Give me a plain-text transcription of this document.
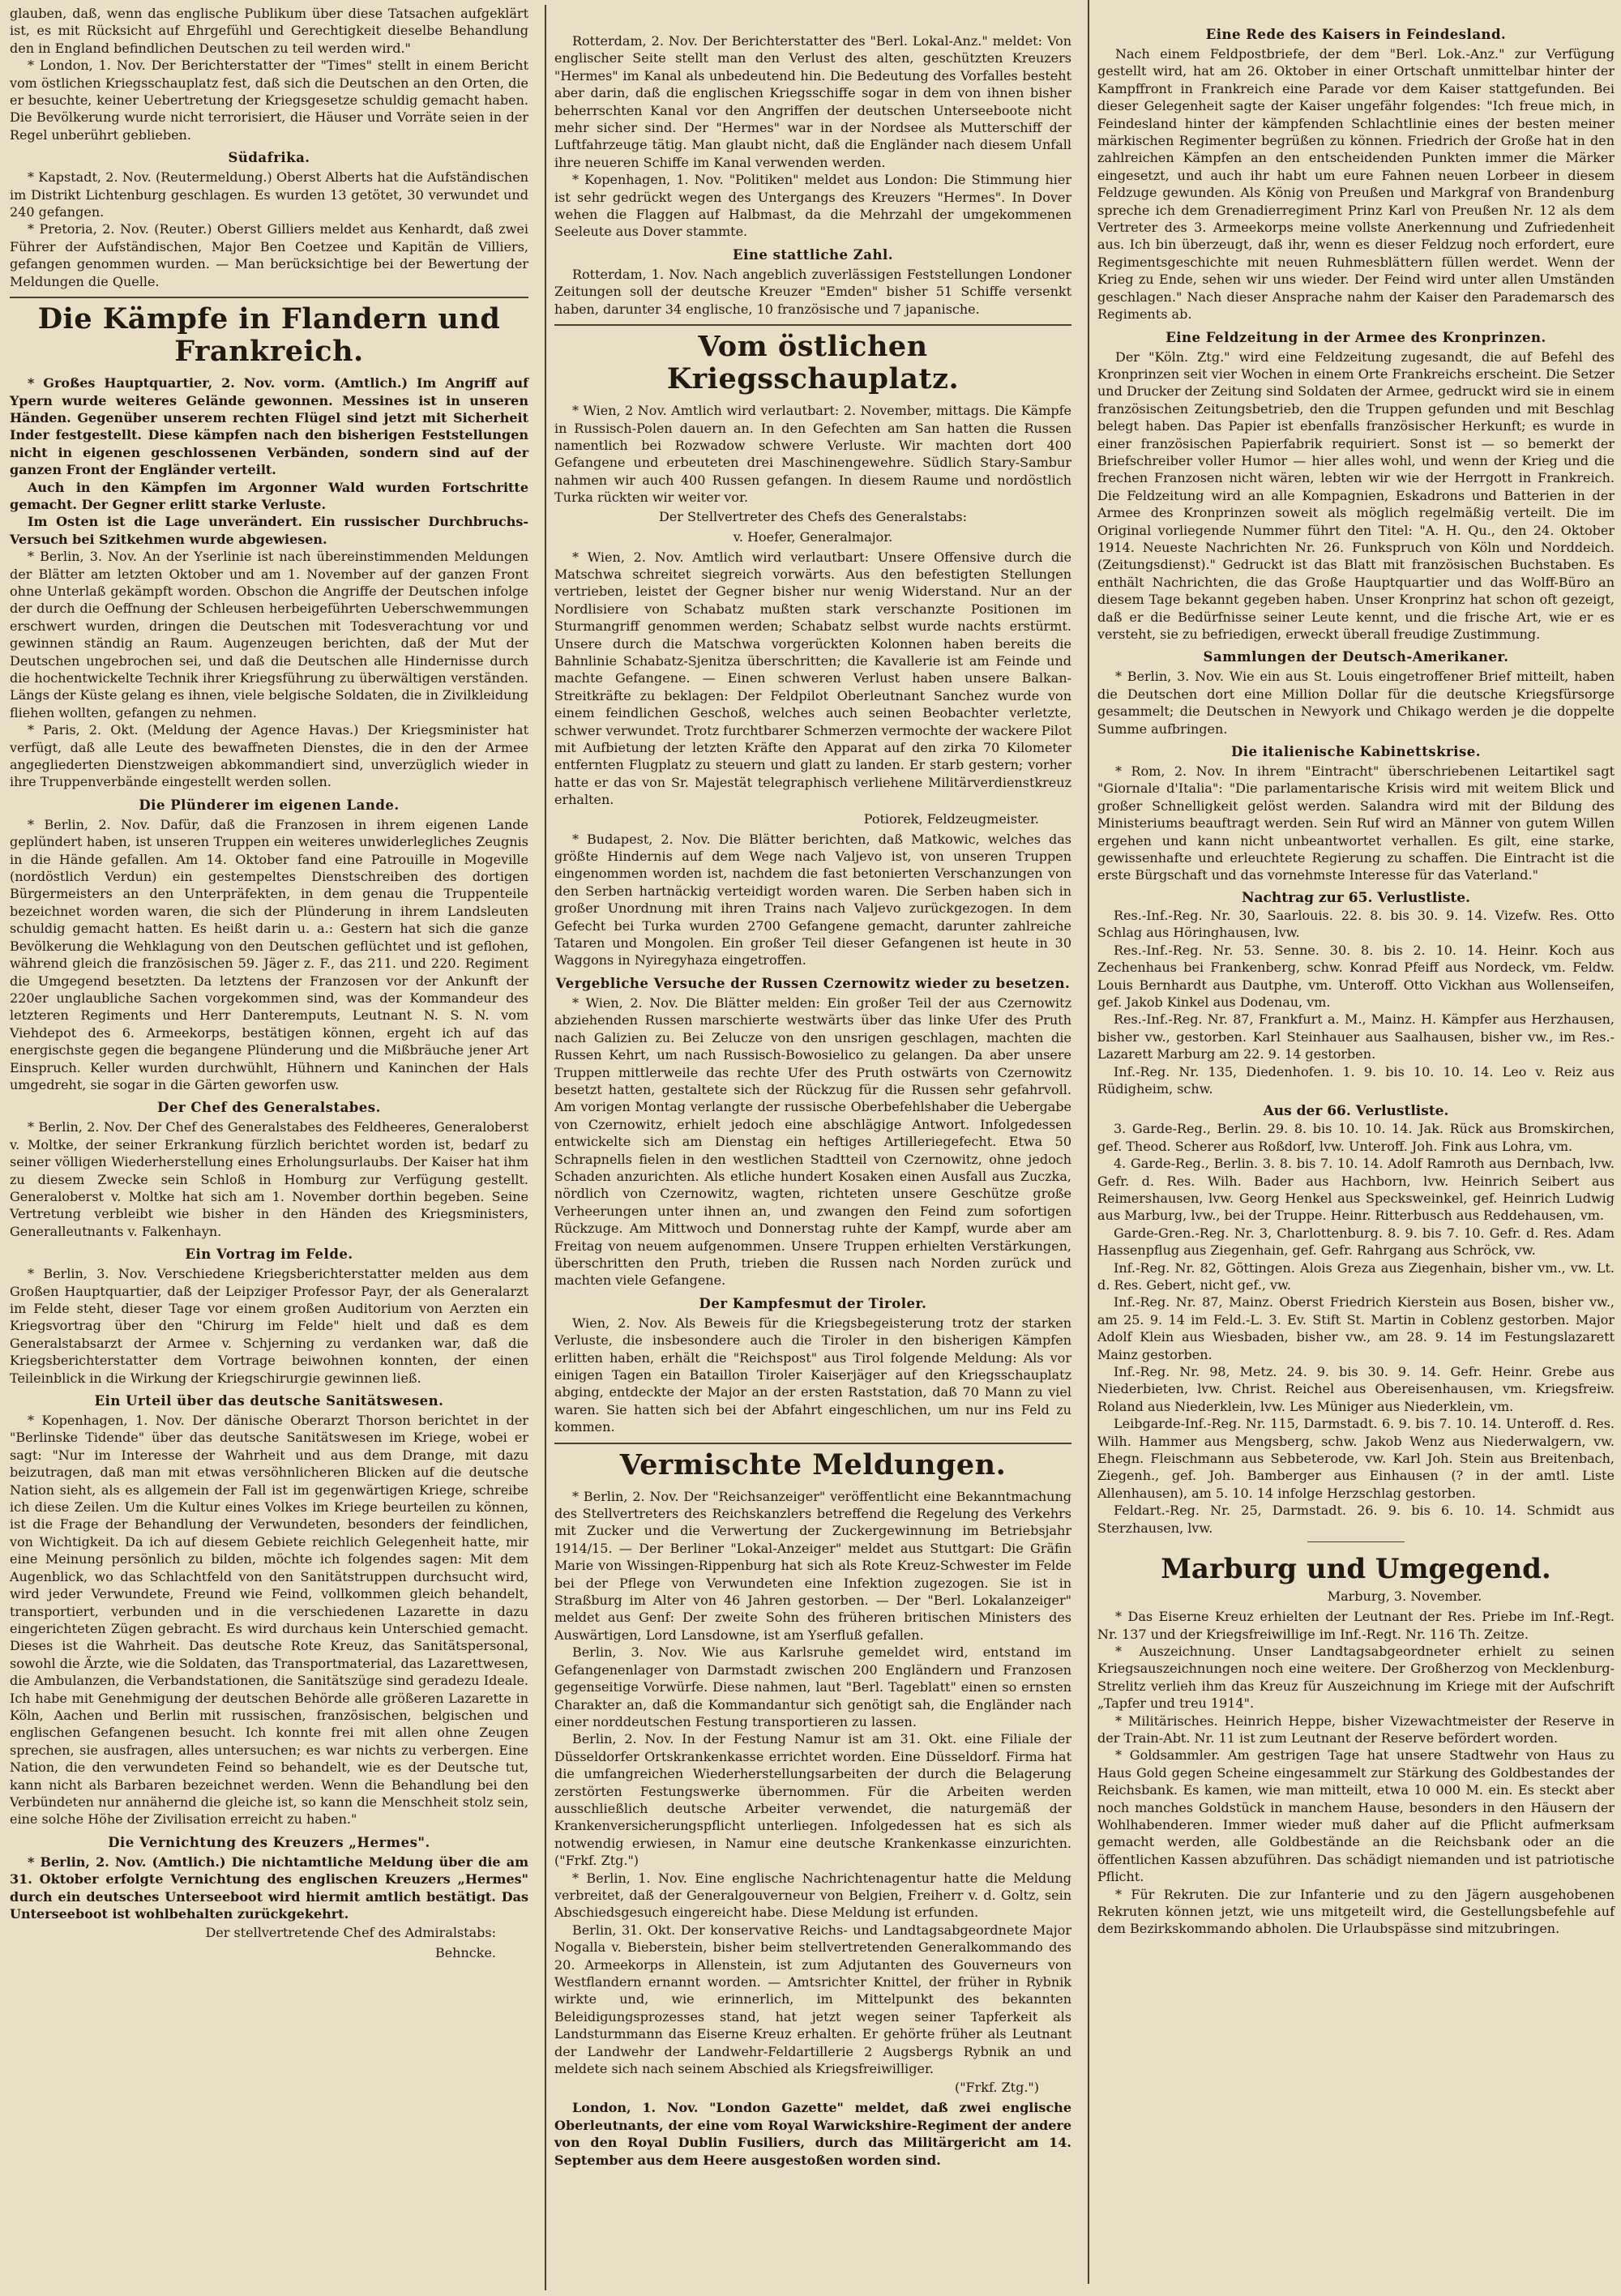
glauben, daß, wenn das englische Publikum über diese Tatsachen aufgeklärt ist, es mit Rücksicht auf Ehrgefühl und Gerechtigkeit dieselbe Behandlung den in England befindlichen Deutschen zu teil werden wird."

* London, 1. Nov. Der Berichterstatter der "Times" stellt in einem Bericht vom östlichen Kriegsschauplatz fest, daß sich die Deutschen an den Orten, die er besuchte, keiner Uebertretung der Kriegsgesetze schuldig gemacht haben. Die Bevölkerung wurde nicht terrorisiert, die Häuser und Vorräte seien in der Regel unberührt geblieben.

Südafrika.

* Kapstadt, 2. Nov. (Reutermeldung.) Oberst Alberts hat die Aufständischen im Distrikt Lichtenburg geschlagen. Es wurden 13 getötet, 30 verwundet und 240 gefangen.

* Pretoria, 2. Nov. (Reuter.) Oberst Gilliers meldet aus Kenhardt, daß zwei Führer der Aufständischen, Major Ben Coetzee und Kapitän de Villiers, gefangen genommen wurden. — Man berücksichtige bei der Bewertung der Meldungen die Quelle.

Die Kämpfe in Flandern und Frankreich.

* Großes Hauptquartier, 2. Nov. vorm. (Amtlich.) Im Angriff auf Ypern wurde weiteres Gelände gewonnen. Messines ist in unseren Händen. Gegenüber unserem rechten Flügel sind jetzt mit Sicherheit Inder festgestellt. Diese kämpfen nach den bisherigen Feststellungen nicht in eigenen geschlossenen Verbänden, sondern sind auf der ganzen Front der Engländer verteilt.

Auch in den Kämpfen im Argonner Wald wurden Fortschritte gemacht. Der Gegner erlitt starke Verluste.

Im Osten ist die Lage unverändert. Ein russischer Durchbruchs-Versuch bei Szitkehmen wurde abgewiesen.

* Berlin, 3. Nov. An der Yserlinie ist nach übereinstimmenden Meldungen der Blätter am letzten Oktober und am 1. November auf der ganzen Front ohne Unterlaß gekämpft worden. Obschon die Angriffe der Deutschen infolge der durch die Oeffnung der Schleusen herbeigeführten Ueberschwemmungen erschwert wurden, dringen die Deutschen mit Todesverachtung vor und gewinnen ständig an Raum. Augenzeugen berichten, daß der Mut der Deutschen ungebrochen sei, und daß die Deutschen alle Hindernisse durch die hochentwickelte Technik ihrer Kriegsführung zu überwältigen verständen. Längs der Küste gelang es ihnen, viele belgische Soldaten, die in Zivilkleidung fliehen wollten, gefangen zu nehmen.

* Paris, 2. Okt. (Meldung der Agence Havas.) Der Kriegsminister hat verfügt, daß alle Leute des bewaffneten Dienstes, die in den der Armee angegliederten Dienstzweigen abkommandiert sind, unverzüglich wieder in ihre Truppenverbände eingestellt werden sollen.

Die Plünderer im eigenen Lande.

* Berlin, 2. Nov. Dafür, daß die Franzosen in ihrem eigenen Lande geplündert haben, ist unseren Truppen ein weiteres unwiderlegliches Zeugnis in die Hände gefallen. Am 14. Oktober fand eine Patrouille in Mogeville (nordöstlich Verdun) ein gestempeltes Dienstschreiben des dortigen Bürgermeisters an den Unterpräfekten, in dem genau die Truppenteile bezeichnet worden waren, die sich der Plünderung in ihrem Landsleuten schuldig gemacht hatten. Es heißt darin u. a.: Gestern hat sich die ganze Bevölkerung die Wehklagung von den Deutschen geflüchtet und ist geflohen, während gleich die französischen 59. Jäger z. F., das 211. und 220. Regiment die Umgegend besetzten. Da letztens der Franzosen vor der Ankunft der 220er unglaubliche Sachen vorgekommen sind, was der Kommandeur des letzteren Regiments und Herr Danteremputs, Leutnant N. S. N. vom Viehdepot des 6. Armeekorps, bestätigen können, ergeht ich auf das energischste gegen die begangene Plünderung und die Mißbräuche jener Art Einspruch. Keller wurden durchwühlt, Hühnern und Kaninchen der Hals umgedreht, sie sogar in die Gärten geworfen usw.

Der Chef des Generalstabes.

* Berlin, 2. Nov. Der Chef des Generalstabes des Feldheeres, Generaloberst v. Moltke, der seiner Erkrankung fürzlich berichtet worden ist, bedarf zu seiner völligen Wiederherstellung eines Erholungsurlaubs. Der Kaiser hat ihm zu diesem Zwecke sein Schloß in Homburg zur Verfügung gestellt. Generaloberst v. Moltke hat sich am 1. November dorthin begeben. Seine Vertretung verbleibt wie bisher in den Händen des Kriegsministers, Generalleutnants v. Falkenhayn.

Ein Vortrag im Felde.

* Berlin, 3. Nov. Verschiedene Kriegsberichterstatter melden aus dem Großen Hauptquartier, daß der Leipziger Professor Payr, der als Generalarzt im Felde steht, dieser Tage vor einem großen Auditorium von Aerzten ein Kriegsvortrag über den "Chirurg im Felde" hielt und daß es dem Generalstabsarzt der Armee v. Schjerning zu verdanken war, daß die Kriegsberichterstatter dem Vortrage beiwohnen konnten, der einen Teileinblick in die Wirkung der Kriegschirurgie gewinnen ließ.

Ein Urteil über das deutsche Sanitätswesen.

* Kopenhagen, 1. Nov. Der dänische Oberarzt Thorson berichtet in der "Berlinske Tidende" über das deutsche Sanitätswesen im Kriege, wobei er sagt: "Nur im Interesse der Wahrheit und aus dem Drange, mit dazu beizutragen, daß man mit etwas versöhnlicheren Blicken auf die deutsche Nation sieht, als es allgemein der Fall ist im gegenwärtigen Kriege, schreibe ich diese Zeilen. Um die Kultur eines Volkes im Kriege beurteilen zu können, ist die Frage der Behandlung der Verwundeten, besonders der feindlichen, von Wichtigkeit. Da ich auf diesem Gebiete reichlich Gelegenheit hatte, mir eine Meinung persönlich zu bilden, möchte ich folgendes sagen: Mit dem Augenblick, wo das Schlachtfeld von den Sanitätstruppen durchsucht wird, wird jeder Verwundete, Freund wie Feind, vollkommen gleich behandelt, transportiert, verbunden und in die verschiedenen Lazarette in dazu eingerichteten Zügen gebracht. Es wird durchaus kein Unterschied gemacht. Dieses ist die Wahrheit. Das deutsche Rote Kreuz, das Sanitätspersonal, sowohl die Ärzte, wie die Soldaten, das Transportmaterial, das Lazarettwesen, die Ambulanzen, die Verbandstationen, die Sanitätszüge sind geradezu Ideale. Ich habe mit Genehmigung der deutschen Behörde alle größeren Lazarette in Köln, Aachen und Berlin mit russischen, französischen, belgischen und englischen Gefangenen besucht. Ich konnte frei mit allen ohne Zeugen sprechen, sie ausfragen, alles untersuchen; es war nichts zu verbergen. Eine Nation, die den verwundeten Feind so behandelt, wie es der Deutsche tut, kann nicht als Barbaren bezeichnet werden. Wenn die Behandlung bei den Verbündeten nur annähernd die gleiche ist, so kann die Menschheit stolz sein, eine solche Höhe der Zivilisation erreicht zu haben."

Die Vernichtung des Kreuzers „Hermes".

* Berlin, 2. Nov. (Amtlich.) Die nichtamtliche Meldung über die am 31. Oktober erfolgte Vernichtung des englischen Kreuzers „Hermes" durch ein deutsches Unterseeboot wird hiermit amtlich bestätigt. Das Unterseeboot ist wohlbehalten zurückgekehrt.

Der stellvertretende Chef des Admiralstabs:

Behncke.

Rotterdam, 2. Nov. Der Berichterstatter des "Berl. Lokal-Anz." meldet: Von englischer Seite stellt man den Verlust des alten, geschützten Kreuzers "Hermes" im Kanal als unbedeutend hin. Die Bedeutung des Vorfalles besteht aber darin, daß die englischen Kriegsschiffe sogar in dem von ihnen bisher beherrschten Kanal vor den Angriffen der deutschen Unterseeboote nicht mehr sicher sind. Der "Hermes" war in der Nordsee als Mutterschiff der Luftfahrzeuge tätig. Man glaubt nicht, daß die Engländer nach diesem Unfall ihre neueren Schiffe im Kanal verwenden werden.

* Kopenhagen, 1. Nov. "Politiken" meldet aus London: Die Stimmung hier ist sehr gedrückt wegen des Untergangs des Kreuzers "Hermes". In Dover wehen die Flaggen auf Halbmast, da die Mehrzahl der umgekommenen Seeleute aus Dover stammte.

Eine stattliche Zahl.

Rotterdam, 1. Nov. Nach angeblich zuverlässigen Feststellungen Londoner Zeitungen soll der deutsche Kreuzer "Emden" bisher 51 Schiffe versenkt haben, darunter 34 englische, 10 französische und 7 japanische.

Vom östlichen Kriegsschauplatz.

* Wien, 2 Nov. Amtlich wird verlautbart: 2. November, mittags. Die Kämpfe in Russisch-Polen dauern an. In den Gefechten am San hatten die Russen namentlich bei Rozwadow schwere Verluste. Wir machten dort 400 Gefangene und erbeuteten drei Maschinengewehre. Südlich Stary-Sambur nahmen wir auch 400 Russen gefangen. In diesem Raume und nordöstlich Turka rückten wir weiter vor.

Der Stellvertreter des Chefs des Generalstabs:

v. Hoefer, Generalmajor.

* Wien, 2. Nov. Amtlich wird verlautbart: Unsere Offensive durch die Matschwa schreitet siegreich vorwärts. Aus den befestigten Stellungen vertrieben, leistet der Gegner bisher nur wenig Widerstand. Nur an der Nordlisiere von Schabatz mußten stark verschanzte Positionen im Sturmangriff genommen werden; Schabatz selbst wurde nachts erstürmt. Unsere durch die Matschwa vorgerückten Kolonnen haben bereits die Bahnlinie Schabatz-Sjenitza überschritten; die Kavallerie ist am Feinde und machte Gefangene. — Einen schweren Verlust haben unsere Balkan-Streitkräfte zu beklagen: Der Feldpilot Oberleutnant Sanchez wurde von einem feindlichen Geschoß, welches auch seinen Beobachter verletzte, schwer verwundet. Trotz furchtbarer Schmerzen vermochte der wackere Pilot mit Aufbietung der letzten Kräfte den Apparat auf den zirka 70 Kilometer entfernten Flugplatz zu steuern und glatt zu landen. Er starb gestern; vorher hatte er das von Sr. Majestät telegraphisch verliehene Militärverdienstkreuz erhalten.

Potiorek, Feldzeugmeister.

* Budapest, 2. Nov. Die Blätter berichten, daß Matkowic, welches das größte Hindernis auf dem Wege nach Valjevo ist, von unseren Truppen eingenommen worden ist, nachdem die fast betonierten Verschanzungen von den Serben hartnäckig verteidigt worden waren. Die Serben haben sich in großer Unordnung mit ihren Trains nach Valjevo zurückgezogen. In dem Gefecht bei Turka wurden 2700 Gefangene gemacht, darunter zahlreiche Tataren und Mongolen. Ein großer Teil dieser Gefangenen ist heute in 30 Waggons in Nyiregyhaza eingetroffen.

Vergebliche Versuche der Russen Czernowitz wieder zu besetzen.

* Wien, 2. Nov. Die Blätter melden: Ein großer Teil der aus Czernowitz abziehenden Russen marschierte westwärts über das linke Ufer des Pruth nach Galizien zu. Bei Zelucze von den unsrigen geschlagen, machten die Russen Kehrt, um nach Russisch-Bowosielico zu gelangen. Da aber unsere Truppen mittlerweile das rechte Ufer des Pruth ostwärts von Czernowitz besetzt hatten, gestaltete sich der Rückzug für die Russen sehr gefahrvoll. Am vorigen Montag verlangte der russische Oberbefehlshaber die Uebergabe von Czernowitz, erhielt jedoch eine abschlägige Antwort. Infolgedessen entwickelte sich am Dienstag ein heftiges Artilleriegefecht. Etwa 50 Schrapnells fielen in den westlichen Stadtteil von Czernowitz, ohne jedoch Schaden anzurichten. Als etliche hundert Kosaken einen Ausfall aus Zuczka, nördlich von Czernowitz, wagten, richteten unsere Geschütze große Verheerungen unter ihnen an, und zwangen den Feind zum sofortigen Rückzuge. Am Mittwoch und Donnerstag ruhte der Kampf, wurde aber am Freitag von neuem aufgenommen. Unsere Truppen erhielten Verstärkungen, überschritten den Pruth, trieben die Russen nach Norden zurück und machten viele Gefangene.

Der Kampfesmut der Tiroler.

Wien, 2. Nov. Als Beweis für die Kriegsbegeisterung trotz der starken Verluste, die insbesondere auch die Tiroler in den bisherigen Kämpfen erlitten haben, erhält die "Reichspost" aus Tirol folgende Meldung: Als vor einigen Tagen ein Bataillon Tiroler Kaiserjäger auf den Kriegsschauplatz abging, entdeckte der Major an der ersten Raststation, daß 70 Mann zu viel waren. Sie hatten sich bei der Abfahrt eingeschlichen, um nur ins Feld zu kommen.

Vermischte Meldungen.

* Berlin, 2. Nov. Der "Reichsanzeiger" veröffentlicht eine Bekanntmachung des Stellvertreters des Reichskanzlers betreffend die Regelung des Verkehrs mit Zucker und die Verwertung der Zuckergewinnung im Betriebsjahr 1914/15. — Der Berliner "Lokal-Anzeiger" meldet aus Stuttgart: Die Gräfin Marie von Wissingen-Rippenburg hat sich als Rote Kreuz-Schwester im Felde bei der Pflege von Verwundeten eine Infektion zugezogen. Sie ist in Straßburg im Alter von 46 Jahren gestorben. — Der "Berl. Lokalanzeiger" meldet aus Genf: Der zweite Sohn des früheren britischen Ministers des Auswärtigen, Lord Lansdowne, ist am Yserfluß gefallen.

Berlin, 3. Nov. Wie aus Karlsruhe gemeldet wird, entstand im Gefangenenlager von Darmstadt zwischen 200 Engländern und Franzosen gegenseitige Vorwürfe. Diese nahmen, laut "Berl. Tageblatt" einen so ernsten Charakter an, daß die Kommandantur sich genötigt sah, die Engländer nach einer norddeutschen Festung transportieren zu lassen.

Berlin, 2. Nov. In der Festung Namur ist am 31. Okt. eine Filiale der Düsseldorfer Ortskrankenkasse errichtet worden. Eine Düsseldorf. Firma hat die umfangreichen Wiederherstellungsarbeiten der durch die Belagerung zerstörten Festungswerke übernommen. Für die Arbeiten werden ausschließlich deutsche Arbeiter verwendet, die naturgemäß der Krankenversicherungspflicht unterliegen. Infolgedessen hat es sich als notwendig erwiesen, in Namur eine deutsche Krankenkasse einzurichten. ("Frkf. Ztg.")

* Berlin, 1. Nov. Eine englische Nachrichtenagentur hatte die Meldung verbreitet, daß der Generalgouverneur von Belgien, Freiherr v. d. Goltz, sein Abschiedsgesuch eingereicht habe. Diese Meldung ist erfunden.

Berlin, 31. Okt. Der konservative Reichs- und Landtagsabgeordnete Major Nogalla v. Bieberstein, bisher beim stellvertretenden Generalkommando des 20. Armeekorps in Allenstein, ist zum Adjutanten des Gouverneurs von Westflandern ernannt worden. — Amtsrichter Knittel, der früher in Rybnik wirkte und, wie erinnerlich, im Mittelpunkt des bekannten Beleidigungsprozesses stand, hat jetzt wegen seiner Tapferkeit als Landsturmmann das Eiserne Kreuz erhalten. Er gehörte früher als Leutnant der Landwehr der Landwehr-Feldartillerie 2 Augsbergs Rybnik an und meldete sich nach seinem Abschied als Kriegsfreiwilliger.

("Frkf. Ztg.")

London, 1. Nov. "London Gazette" meldet, daß zwei englische Oberleutnants, der eine vom Royal Warwickshire-Regiment der andere von den Royal Dublin Fusiliers, durch das Militärgericht am 14. September aus dem Heere ausgestoßen worden sind.

Eine Rede des Kaisers in Feindesland.

Nach einem Feldpostbriefe, der dem "Berl. Lok.-Anz." zur Verfügung gestellt wird, hat am 26. Oktober in einer Ortschaft unmittelbar hinter der Kampffront in Frankreich eine Parade vor dem Kaiser stattgefunden. Bei dieser Gelegenheit sagte der Kaiser ungefähr folgendes: "Ich freue mich, in Feindesland hinter der kämpfenden Schlachtlinie eines der besten meiner märkischen Regimenter begrüßen zu können. Friedrich der Große hat in den zahlreichen Kämpfen an den entscheidenden Punkten immer die Märker eingesetzt, und auch ihr habt um eure Fahnen neuen Lorbeer in diesem Feldzuge gewunden. Als König von Preußen und Markgraf von Brandenburg spreche ich dem Grenadierregiment Prinz Karl von Preußen Nr. 12 als dem Vertreter des 3. Armeekorps meine vollste Anerkennung und Zufriedenheit aus. Ich bin überzeugt, daß ihr, wenn es dieser Feldzug noch erfordert, eure Regimentsgeschichte mit neuen Ruhmesblättern füllen werdet. Wenn der Krieg zu Ende, sehen wir uns wieder. Der Feind wird unter allen Umständen geschlagen." Nach dieser Ansprache nahm der Kaiser den Parademarsch des Regiments ab.

Eine Feldzeitung in der Armee des Kronprinzen.

Der "Köln. Ztg." wird eine Feldzeitung zugesandt, die auf Befehl des Kronprinzen seit vier Wochen in einem Orte Frankreichs erscheint. Die Setzer und Drucker der Zeitung sind Soldaten der Armee, gedruckt wird sie in einem französischen Zeitungsbetrieb, den die Truppen gefunden und mit Beschlag belegt haben. Das Papier ist ebenfalls französischer Herkunft; es wurde in einer französischen Papierfabrik requiriert. Sonst ist — so bemerkt der Briefschreiber voller Humor — hier alles wohl, und wenn der Krieg und die frechen Franzosen nicht wären, lebten wir wie der Herrgott in Frankreich. Die Feldzeitung wird an alle Kompagnien, Eskadrons und Batterien in der Armee des Kronprinzen soweit als möglich regelmäßig verteilt. Die im Original vorliegende Nummer führt den Titel: "A. H. Qu., den 24. Oktober 1914. Neueste Nachrichten Nr. 26. Funkspruch von Köln und Norddeich. (Zeitungsdienst)." Gedruckt ist das Blatt mit französischen Buchstaben. Es enthält Nachrichten, die das Große Hauptquartier und das Wolff-Büro an diesem Tage bekannt gegeben haben. Unser Kronprinz hat schon oft gezeigt, daß er die Bedürfnisse seiner Leute kennt, und die frische Art, wie er es versteht, sie zu befriedigen, erweckt überall freudige Zustimmung.

Sammlungen der Deutsch-Amerikaner.

* Berlin, 3. Nov. Wie ein aus St. Louis eingetroffener Brief mitteilt, haben die Deutschen dort eine Million Dollar für die deutsche Kriegsfürsorge gesammelt; die Deutschen in Newyork und Chikago werden je die doppelte Summe aufbringen.

Die italienische Kabinettskrise.

* Rom, 2. Nov. In ihrem "Eintracht" überschriebenen Leitartikel sagt "Giornale d'Italia": "Die parlamentarische Krisis wird mit weitem Blick und großer Schnelligkeit gelöst werden. Salandra wird mit der Bildung des Ministeriums beauftragt werden. Sein Ruf wird an Männer von gutem Willen ergehen und kann nicht unbeantwortet verhallen. Es gilt, eine starke, gewissenhafte und erleuchtete Regierung zu schaffen. Die Eintracht ist die erste Bürgschaft und das vornehmste Interesse für das Vaterland."

Nachtrag zur 65. Verlustliste.

Res.-Inf.-Reg. Nr. 30, Saarlouis. 22. 8. bis 30. 9. 14. Vizefw. Res. Otto Schlag aus Höringhausen, lvw.

Res.-Inf.-Reg. Nr. 53. Senne. 30. 8. bis 2. 10. 14. Heinr. Koch aus Zechenhaus bei Frankenberg, schw. Konrad Pfeiff aus Nordeck, vm. Feldw. Louis Bernhardt aus Dautphe, vm. Unteroff. Otto Vickhan aus Wollenseifen, gef. Jakob Kinkel aus Dodenau, vm.

Res.-Inf.-Reg. Nr. 87, Frankfurt a. M., Mainz. H. Kämpfer aus Herzhausen, bisher vw., gestorben. Karl Steinhauer aus Saalhausen, bisher vw., im Res.-Lazarett Marburg am 22. 9. 14 gestorben.

Inf.-Reg. Nr. 135, Diedenhofen. 1. 9. bis 10. 10. 14. Leo v. Reiz aus Rüdigheim, schw.

Aus der 66. Verlustliste.

3. Garde-Reg., Berlin. 29. 8. bis 10. 10. 14. Jak. Rück aus Bromskirchen, gef. Theod. Scherer aus Roßdorf, lvw. Unteroff. Joh. Fink aus Lohra, vm.

4. Garde-Reg., Berlin. 3. 8. bis 7. 10. 14. Adolf Ramroth aus Dernbach, lvw. Gefr. d. Res. Wilh. Bader aus Hachborn, lvw. Heinrich Seibert aus Reimershausen, lvw. Georg Henkel aus Specksweinkel, gef. Heinrich Ludwig aus Marburg, lvw., bei der Truppe. Heinr. Ritterbusch aus Reddehausen, vm.

Garde-Gren.-Reg. Nr. 3, Charlottenburg. 8. 9. bis 7. 10. Gefr. d. Res. Adam Hassenpflug aus Ziegenhain, gef. Gefr. Rahrgang aus Schröck, vw.

Inf.-Reg. Nr. 82, Göttingen. Alois Greza aus Ziegenhain, bisher vm., vw. Lt. d. Res. Gebert, nicht gef., vw.

Inf.-Reg. Nr. 87, Mainz. Oberst Friedrich Kierstein aus Bosen, bisher vw., am 25. 9. 14 im Feld.-L. 3. Ev. Stift St. Martin in Coblenz gestorben. Major Adolf Klein aus Wiesbaden, bisher vw., am 28. 9. 14 im Festungslazarett Mainz gestorben.

Inf.-Reg. Nr. 98, Metz. 24. 9. bis 30. 9. 14. Gefr. Heinr. Grebe aus Niederbieten, lvw. Christ. Reichel aus Obereisenhausen, vm. Kriegsfreiw. Roland aus Niederklein, lvw. Les Müniger aus Niederklein, vm.

Leibgarde-Inf.-Reg. Nr. 115, Darmstadt. 6. 9. bis 7. 10. 14. Unteroff. d. Res. Wilh. Hammer aus Mengsberg, schw. Jakob Wenz aus Niederwalgern, vw. Ehegn. Fleischmann aus Sebbeterode, vw. Karl Joh. Stein aus Breitenbach, Ziegenh., gef. Joh. Bamberger aus Einhausen (? in der amtl. Liste Allenhausen), am 5. 10. 14 infolge Herzschlag gestorben.

Feldart.-Reg. Nr. 25, Darmstadt. 26. 9. bis 6. 10. 14. Schmidt aus Sterzhausen, lvw.

Marburg und Umgegend.

Marburg, 3. November.

* Das Eiserne Kreuz erhielten der Leutnant der Res. Priebe im Inf.-Regt. Nr. 137 und der Kriegsfreiwillige im Inf.-Regt. Nr. 116 Th. Zeitze.

* Auszeichnung. Unser Landtagsabgeordneter erhielt zu seinen Kriegsauszeichnungen noch eine weitere. Der Großherzog von Mecklenburg-Strelitz verlieh ihm das Kreuz für Auszeichnung im Kriege mit der Aufschrift „Tapfer und treu 1914".

* Militärisches. Heinrich Heppe, bisher Vizewachtmeister der Reserve in der Train-Abt. Nr. 11 ist zum Leutnant der Reserve befördert worden.

* Goldsammler. Am gestrigen Tage hat unsere Stadtwehr von Haus zu Haus Gold gegen Scheine eingesammelt zur Stärkung des Goldbestandes der Reichsbank. Es kamen, wie man mitteilt, etwa 10 000 M. ein. Es steckt aber noch manches Goldstück in manchem Hause, besonders in den Häusern der Wohlhabenderen. Immer wieder muß daher auf die Pflicht aufmerksam gemacht werden, alle Goldbestände an die Reichsbank oder an die öffentlichen Kassen abzuführen. Das schädigt niemanden und ist patriotische Pflicht.

* Für Rekruten. Die zur Infanterie und zu den Jägern ausgehobenen Rekruten können jetzt, wie uns mitgeteilt wird, die Gestellungsbefehle auf dem Bezirkskommando abholen. Die Urlaubspässe sind mitzubringen.
